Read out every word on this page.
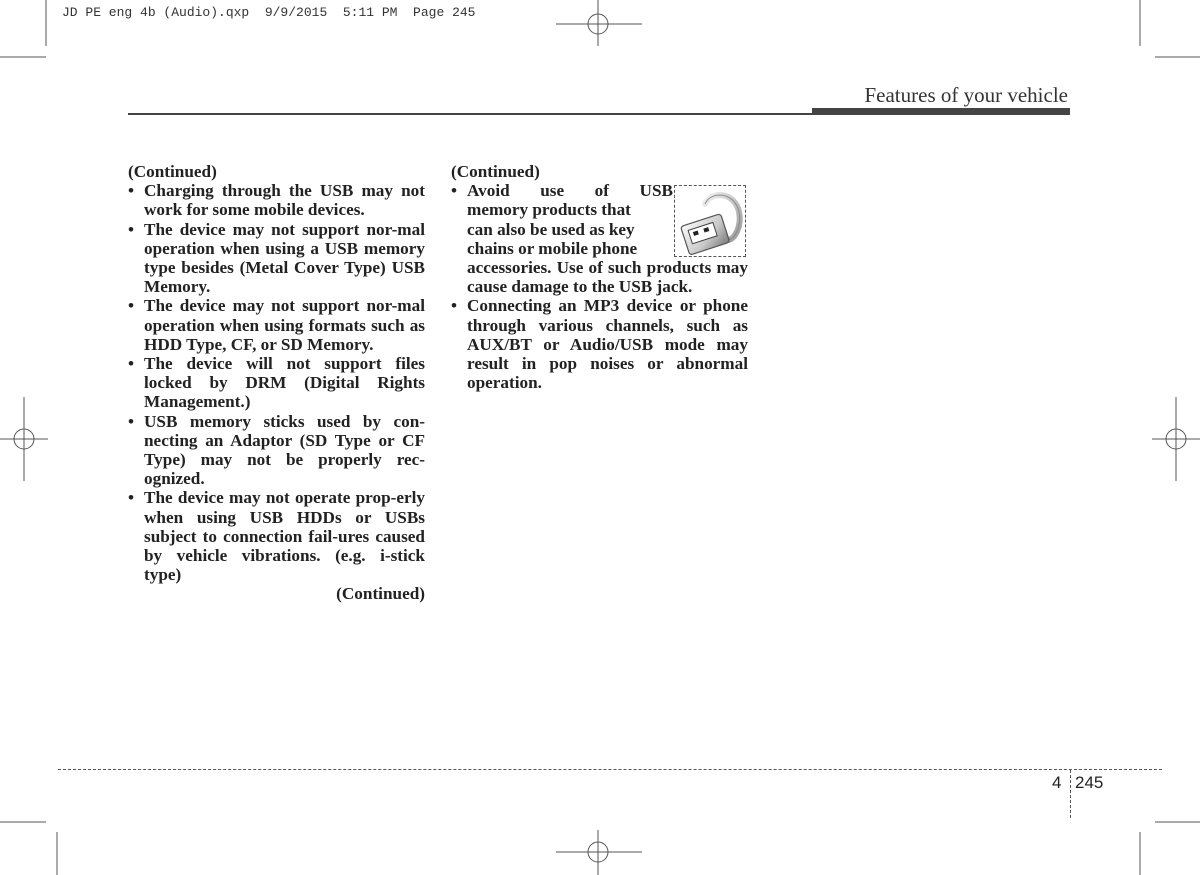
JD PE eng 4b (Audio).qxp  9/9/2015  5:11 PM  Page 245
Features of your vehicle

(Continued)

• Charging through the USB may not work for some mobile devices.
• The device may not support nor-mal operation when using a USB memory type besides (Metal Cover Type) USB Memory.
• The device may not support nor-mal operation when using formats such as HDD Type, CF, or SD Memory.
• The device will not support files locked by DRM (Digital Rights Management.)
• USB memory sticks used by con-necting an Adaptor (SD Type or CF Type) may not be properly rec-ognized.
• The device may not operate prop-erly when using USB HDDs or USBs subject to connection fail-ures caused by vehicle vibrations. (e.g. i-stick type)

(Continued)

(Continued)

• Avoid use of USB
memory products that
can also be used as key
chains or mobile phone
accessories. Use of such products may cause damage to the USB jack.
• Connecting an MP3 device or phone through various channels, such as AUX/BT or Audio/USB mode may result in pop noises or abnormal operation.
4 245
